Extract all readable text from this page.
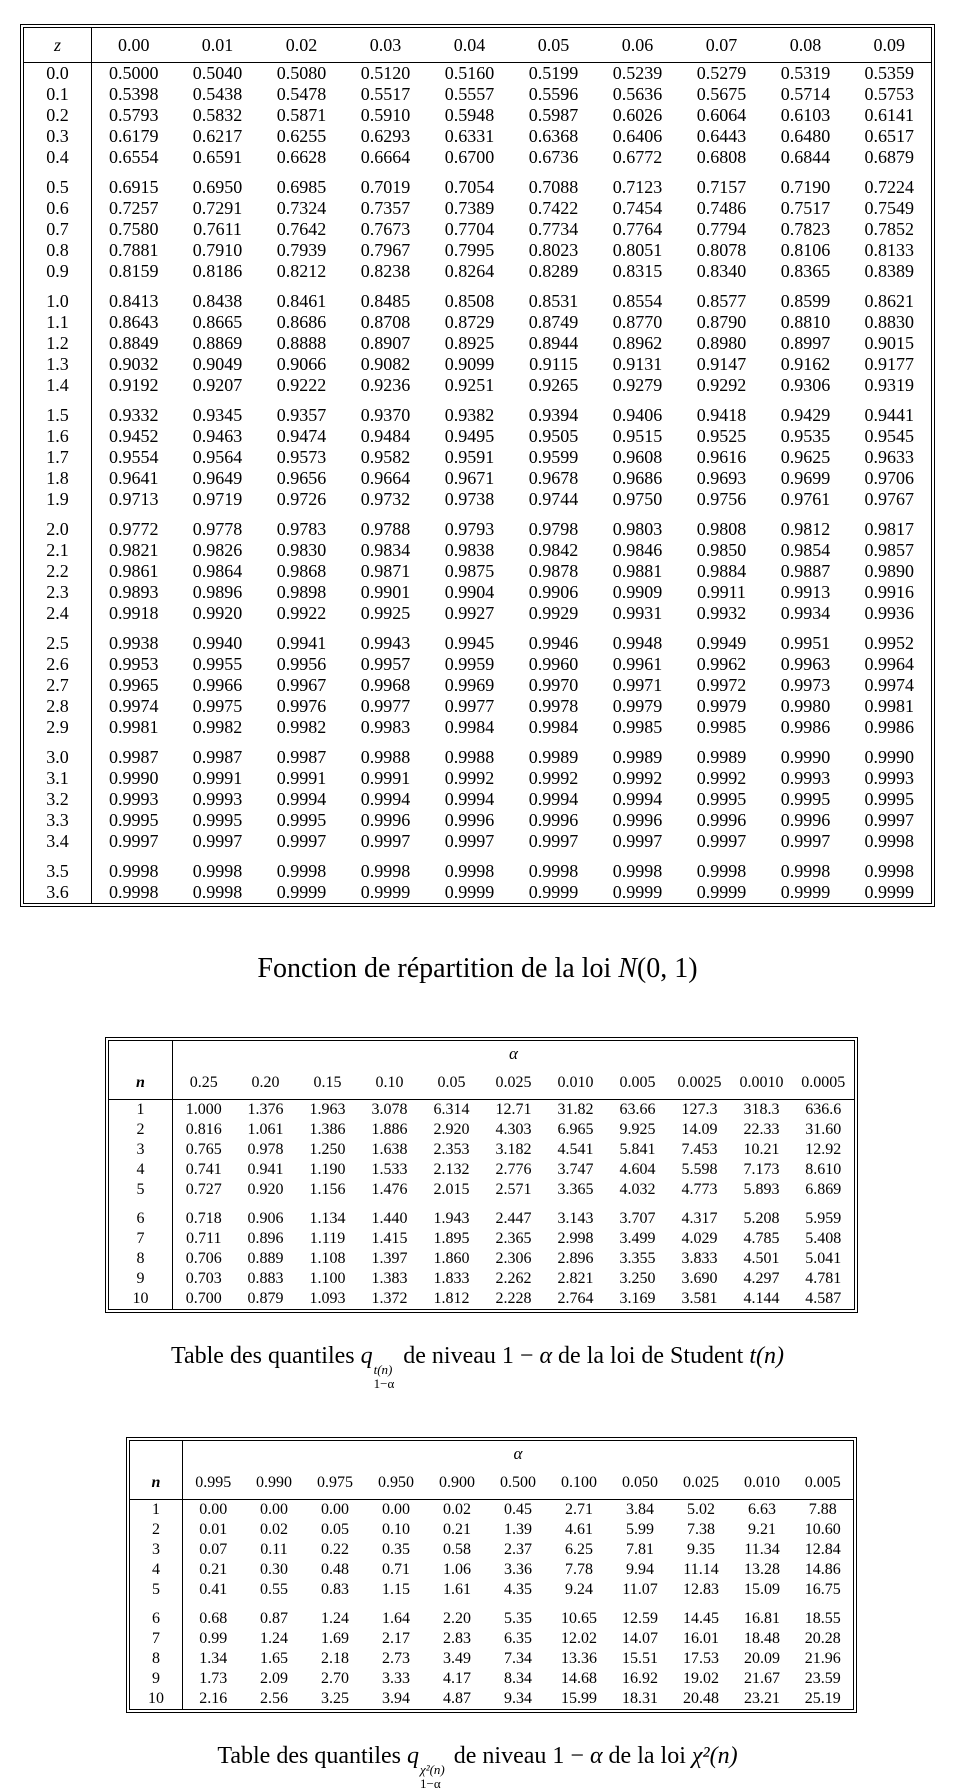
z	0.00	0.01	0.02	0.03	0.04	0.05	0.06	0.07	0.08	0.09
0.0	0.5000	0.5040	0.5080	0.5120	0.5160	0.5199	0.5239	0.5279	0.5319	0.5359
0.1	0.5398	0.5438	0.5478	0.5517	0.5557	0.5596	0.5636	0.5675	0.5714	0.5753
0.2	0.5793	0.5832	0.5871	0.5910	0.5948	0.5987	0.6026	0.6064	0.6103	0.6141
0.3	0.6179	0.6217	0.6255	0.6293	0.6331	0.6368	0.6406	0.6443	0.6480	0.6517
0.4	0.6554	0.6591	0.6628	0.6664	0.6700	0.6736	0.6772	0.6808	0.6844	0.6879

0.5	0.6915	0.6950	0.6985	0.7019	0.7054	0.7088	0.7123	0.7157	0.7190	0.7224
0.6	0.7257	0.7291	0.7324	0.7357	0.7389	0.7422	0.7454	0.7486	0.7517	0.7549
0.7	0.7580	0.7611	0.7642	0.7673	0.7704	0.7734	0.7764	0.7794	0.7823	0.7852
0.8	0.7881	0.7910	0.7939	0.7967	0.7995	0.8023	0.8051	0.8078	0.8106	0.8133
0.9	0.8159	0.8186	0.8212	0.8238	0.8264	0.8289	0.8315	0.8340	0.8365	0.8389

1.0	0.8413	0.8438	0.8461	0.8485	0.8508	0.8531	0.8554	0.8577	0.8599	0.8621
1.1	0.8643	0.8665	0.8686	0.8708	0.8729	0.8749	0.8770	0.8790	0.8810	0.8830
1.2	0.8849	0.8869	0.8888	0.8907	0.8925	0.8944	0.8962	0.8980	0.8997	0.9015
1.3	0.9032	0.9049	0.9066	0.9082	0.9099	0.9115	0.9131	0.9147	0.9162	0.9177
1.4	0.9192	0.9207	0.9222	0.9236	0.9251	0.9265	0.9279	0.9292	0.9306	0.9319

1.5	0.9332	0.9345	0.9357	0.9370	0.9382	0.9394	0.9406	0.9418	0.9429	0.9441
1.6	0.9452	0.9463	0.9474	0.9484	0.9495	0.9505	0.9515	0.9525	0.9535	0.9545
1.7	0.9554	0.9564	0.9573	0.9582	0.9591	0.9599	0.9608	0.9616	0.9625	0.9633
1.8	0.9641	0.9649	0.9656	0.9664	0.9671	0.9678	0.9686	0.9693	0.9699	0.9706
1.9	0.9713	0.9719	0.9726	0.9732	0.9738	0.9744	0.9750	0.9756	0.9761	0.9767

2.0	0.9772	0.9778	0.9783	0.9788	0.9793	0.9798	0.9803	0.9808	0.9812	0.9817
2.1	0.9821	0.9826	0.9830	0.9834	0.9838	0.9842	0.9846	0.9850	0.9854	0.9857
2.2	0.9861	0.9864	0.9868	0.9871	0.9875	0.9878	0.9881	0.9884	0.9887	0.9890
2.3	0.9893	0.9896	0.9898	0.9901	0.9904	0.9906	0.9909	0.9911	0.9913	0.9916
2.4	0.9918	0.9920	0.9922	0.9925	0.9927	0.9929	0.9931	0.9932	0.9934	0.9936

2.5	0.9938	0.9940	0.9941	0.9943	0.9945	0.9946	0.9948	0.9949	0.9951	0.9952
2.6	0.9953	0.9955	0.9956	0.9957	0.9959	0.9960	0.9961	0.9962	0.9963	0.9964
2.7	0.9965	0.9966	0.9967	0.9968	0.9969	0.9970	0.9971	0.9972	0.9973	0.9974
2.8	0.9974	0.9975	0.9976	0.9977	0.9977	0.9978	0.9979	0.9979	0.9980	0.9981
2.9	0.9981	0.9982	0.9982	0.9983	0.9984	0.9984	0.9985	0.9985	0.9986	0.9986

3.0	0.9987	0.9987	0.9987	0.9988	0.9988	0.9989	0.9989	0.9989	0.9990	0.9990
3.1	0.9990	0.9991	0.9991	0.9991	0.9992	0.9992	0.9992	0.9992	0.9993	0.9993
3.2	0.9993	0.9993	0.9994	0.9994	0.9994	0.9994	0.9994	0.9995	0.9995	0.9995
3.3	0.9995	0.9995	0.9995	0.9996	0.9996	0.9996	0.9996	0.9996	0.9996	0.9997
3.4	0.9997	0.9997	0.9997	0.9997	0.9997	0.9997	0.9997	0.9997	0.9997	0.9998

3.5	0.9998	0.9998	0.9998	0.9998	0.9998	0.9998	0.9998	0.9998	0.9998	0.9998
3.6	0.9998	0.9998	0.9999	0.9999	0.9999	0.9999	0.9999	0.9999	0.9999	0.9999
Fonction de répartition de la loi N(0, 1)
	α										
n	0.25	0.20	0.15	0.10	0.05	0.025	0.010	0.005	0.0025	0.0010	0.0005
1	1.000	1.376	1.963	3.078	6.314	12.71	31.82	63.66	127.3	318.3	636.6
2	0.816	1.061	1.386	1.886	2.920	4.303	6.965	9.925	14.09	22.33	31.60
3	0.765	0.978	1.250	1.638	2.353	3.182	4.541	5.841	7.453	10.21	12.92
4	0.741	0.941	1.190	1.533	2.132	2.776	3.747	4.604	5.598	7.173	8.610
5	0.727	0.920	1.156	1.476	2.015	2.571	3.365	4.032	4.773	5.893	6.869

6	0.718	0.906	1.134	1.440	1.943	2.447	3.143	3.707	4.317	5.208	5.959
7	0.711	0.896	1.119	1.415	1.895	2.365	2.998	3.499	4.029	4.785	5.408
8	0.706	0.889	1.108	1.397	1.860	2.306	2.896	3.355	3.833	4.501	5.041
9	0.703	0.883	1.100	1.383	1.833	2.262	2.821	3.250	3.690	4.297	4.781
10	0.700	0.879	1.093	1.372	1.812	2.228	2.764	3.169	3.581	4.144	4.587
Table des quantiles q
t(n)
1−α
de niveau 1 − α de la loi de Student t(n)
	α										
n	0.995	0.990	0.975	0.950	0.900	0.500	0.100	0.050	0.025	0.010	0.005
1	0.00	0.00	0.00	0.00	0.02	0.45	2.71	3.84	5.02	6.63	7.88
2	0.01	0.02	0.05	0.10	0.21	1.39	4.61	5.99	7.38	9.21	10.60
3	0.07	0.11	0.22	0.35	0.58	2.37	6.25	7.81	9.35	11.34	12.84
4	0.21	0.30	0.48	0.71	1.06	3.36	7.78	9.94	11.14	13.28	14.86
5	0.41	0.55	0.83	1.15	1.61	4.35	9.24	11.07	12.83	15.09	16.75

6	0.68	0.87	1.24	1.64	2.20	5.35	10.65	12.59	14.45	16.81	18.55
7	0.99	1.24	1.69	2.17	2.83	6.35	12.02	14.07	16.01	18.48	20.28
8	1.34	1.65	2.18	2.73	3.49	7.34	13.36	15.51	17.53	20.09	21.96
9	1.73	2.09	2.70	3.33	4.17	8.34	14.68	16.92	19.02	21.67	23.59
10	2.16	2.56	3.25	3.94	4.87	9.34	15.99	18.31	20.48	23.21	25.19
Table des quantiles q
χ²(n)
1−α
de niveau 1 − α de la loi χ²(n)
